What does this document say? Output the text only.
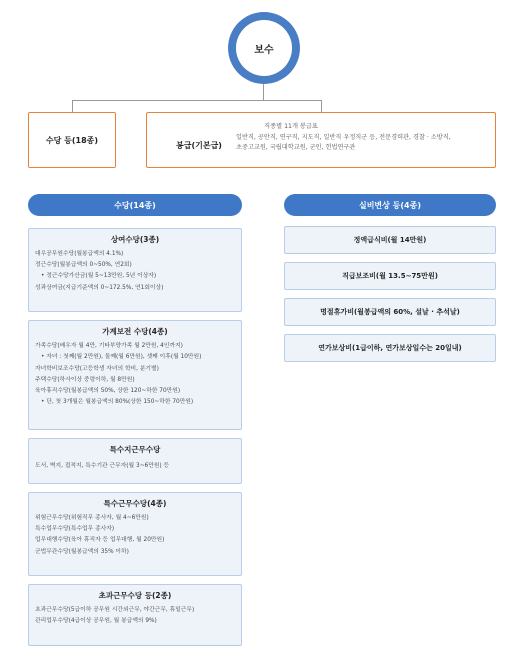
보수
수당 등(18종)
봉급(기본급)
직종별 11개 봉급표
일반직, 공안직, 연구직, 지도직, 일반직 우정직군 등, 전문경력관, 경찰 · 소방직,
초중고교원, 국립대학교원, 군인, 헌법연구관
수당(14종)	실비변상 등(4종)
상여수당(3종)
대우공무원수당(월봉급액의 4.1%)
정근수당(월봉급액의 0~50%, 연2회)
• 정근수당가산금(월 5~13만원, 5년 이상자)
성과상여금(지급기준액의 0~172.5%, 연1회이상)
가계보전 수당(4종)
가족수당(배우자 월 4만, 기타부양가족 월 2만원, 4인까지)
• 자녀 : 첫째(월 2만원), 둘째(월 6만원), 셋째 이후(월 10만원)
자녀학비보조수당(고등학생 자녀의 학비, 분기별)
주택수당(하사이상 중령이하, 월 8만원)
육아휴직수당(월봉급액의 50%, 상한 120~하한 70만원)
• 단, 첫 3개월은 월봉급액의 80%(상한 150~하한 70만원)
특수지근무수당
도서, 벽지, 접적지, 특수기관 근무자(월 3~6만원) 등
특수근무수당(4종)
위험근무수당(위험직무 종사자, 월 4~6만원)
특수업무수당(특수업무 종사자)
업무대행수당(육아 휴직자 등 업무대행, 월 20만원)
군법무관수당(월봉급액의 35% 이하)
초과근무수당 등(2종)
초과근무수당(5급이하 공무원 시간외근무, 야간근무, 휴일근무)
관리업무수당(4급이상 공무원, 월 봉급액의 9%)
정액급식비(월 14만원)
직급보조비(월 13.5~75만원)
명절휴가비(월봉급액의 60%, 설날 · 추석날)
연가보상비(1급이하, 연가보상일수는 20일내)
